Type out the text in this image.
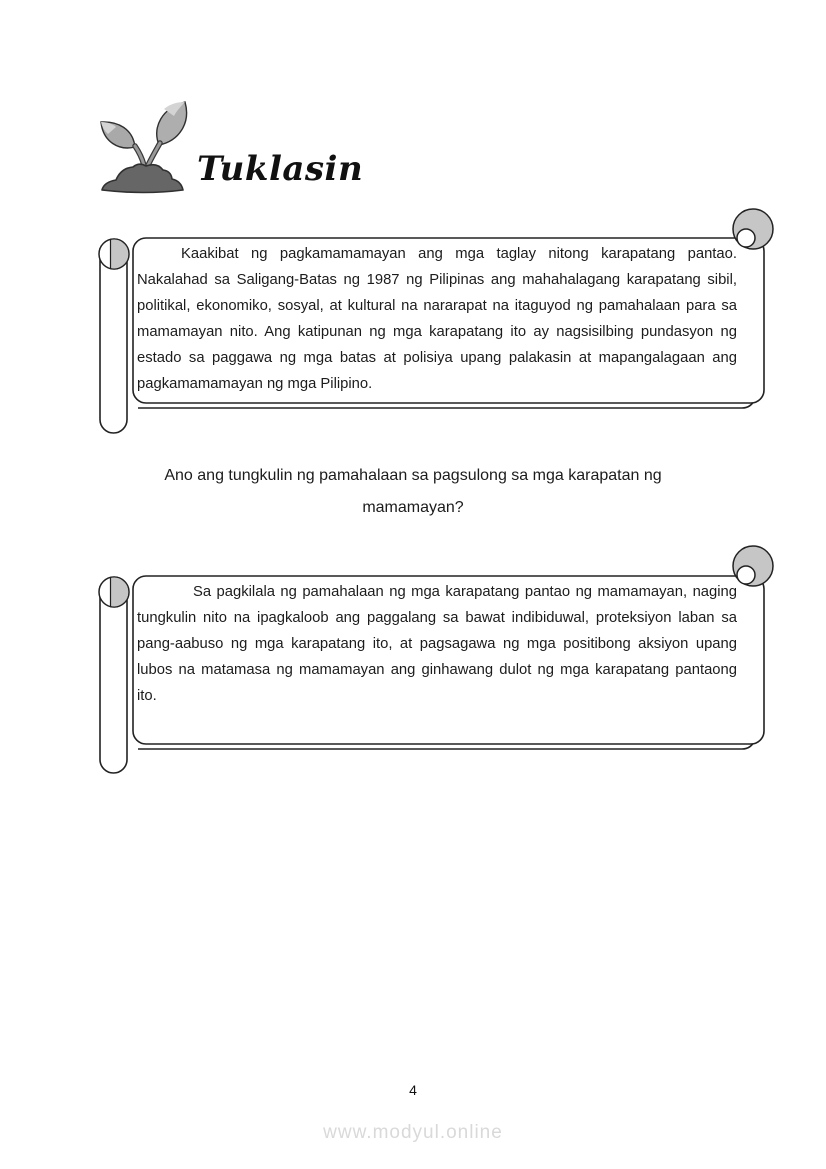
Tuklasin
Kaakibat ng pagkamamamayan ang mga taglay nitong karapatang pantao.
Nakalahad sa Saligang-Batas ng 1987 ng Pilipinas ang mahahalagang karapatang sibil,
politikal, ekonomiko, sosyal, at kultural na nararapat na itaguyod ng pamahalaan para sa
mamamayan nito. Ang katipunan ng mga karapatang ito ay nagsisilbing pundasyon ng
estado sa paggawa ng mga batas at polisiya upang palakasin at mapangalagaan ang
pagkamamamayan ng mga Pilipino.
Ano ang tungkulin ng pamahalaan sa pagsulong sa mga karapatan ng
mamamayan?
Sa pagkilala ng pamahalaan ng mga karapatang pantao ng mamamayan, naging
tungkulin nito na ipagkaloob ang paggalang sa bawat indibiduwal, proteksiyon laban sa
pang-aabuso ng mga karapatang ito, at pagsagawa ng mga positibong aksiyon upang
lubos na matamasa ng mamamayan ang ginhawang dulot ng mga karapatang pantaong
ito.
4
www.modyul.online
